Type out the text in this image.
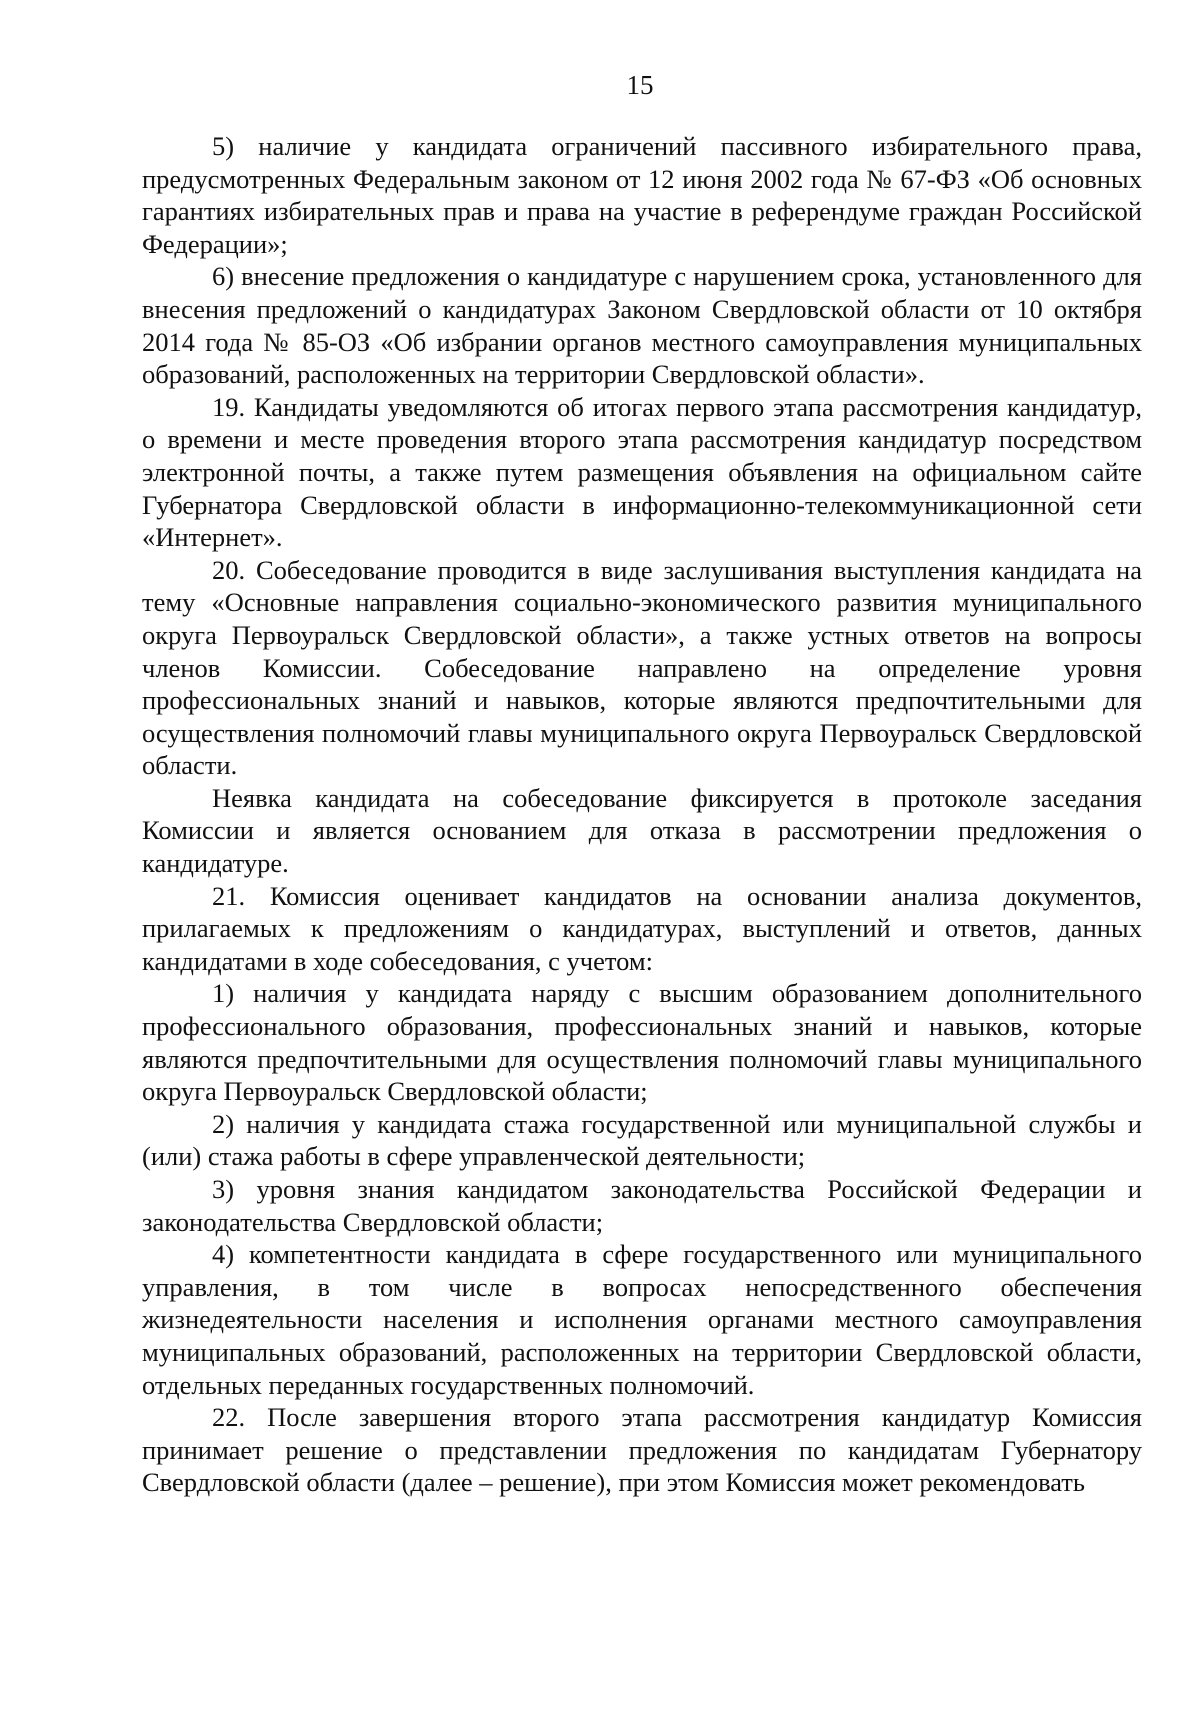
15

5) наличие у кандидата ограничений пассивного избирательного права, предусмотренных Федеральным законом от 12 июня 2002 года № 67-ФЗ «Об основных гарантиях избирательных прав и права на участие в референдуме граждан Российской Федерации»;

6) внесение предложения о кандидатуре с нарушением срока, установленного для внесения предложений о кандидатурах Законом Свердловской области от 10 октября 2014 года № 85-ОЗ «Об избрании органов местного самоуправления муниципальных образований, расположенных на территории Свердловской области».

19. Кандидаты уведомляются об итогах первого этапа рассмотрения кандидатур, о времени и месте проведения второго этапа рассмотрения кандидатур посредством электронной почты, а также путем размещения объявления на официальном сайте Губернатора Свердловской области в информационно-телекоммуникационной сети «Интернет».

20. Собеседование проводится в виде заслушивания выступления кандидата на тему «Основные направления социально-экономического развития муниципального округа Первоуральск Свердловской области», а также устных ответов на вопросы членов Комиссии. Собеседование направлено на определение уровня профессиональных знаний и навыков, которые являются предпочтительными для осуществления полномочий главы муниципального округа Первоуральск Свердловской области.

Неявка кандидата на собеседование фиксируется в протоколе заседания Комиссии и является основанием для отказа в рассмотрении предложения о кандидатуре.

21. Комиссия оценивает кандидатов на основании анализа документов, прилагаемых к предложениям о кандидатурах, выступлений и ответов, данных кандидатами в ходе собеседования, с учетом:

1) наличия у кандидата наряду с высшим образованием дополнительного профессионального образования, профессиональных знаний и навыков, которые являются предпочтительными для осуществления полномочий главы муниципального округа Первоуральск Свердловской области;

2) наличия у кандидата стажа государственной или муниципальной службы и (или) стажа работы в сфере управленческой деятельности;

3) уровня знания кандидатом законодательства Российской Федерации и законодательства Свердловской области;

4) компетентности кандидата в сфере государственного или муниципального управления, в том числе в вопросах непосредственного обеспечения жизнедеятельности населения и исполнения органами местного самоуправления муниципальных образований, расположенных на территории Свердловской области, отдельных переданных государственных полномочий.

22. После завершения второго этапа рассмотрения кандидатур Комиссия принимает решение о представлении предложения по кандидатам Губернатору Свердловской области (далее – решение), при этом Комиссия может рекомендовать
